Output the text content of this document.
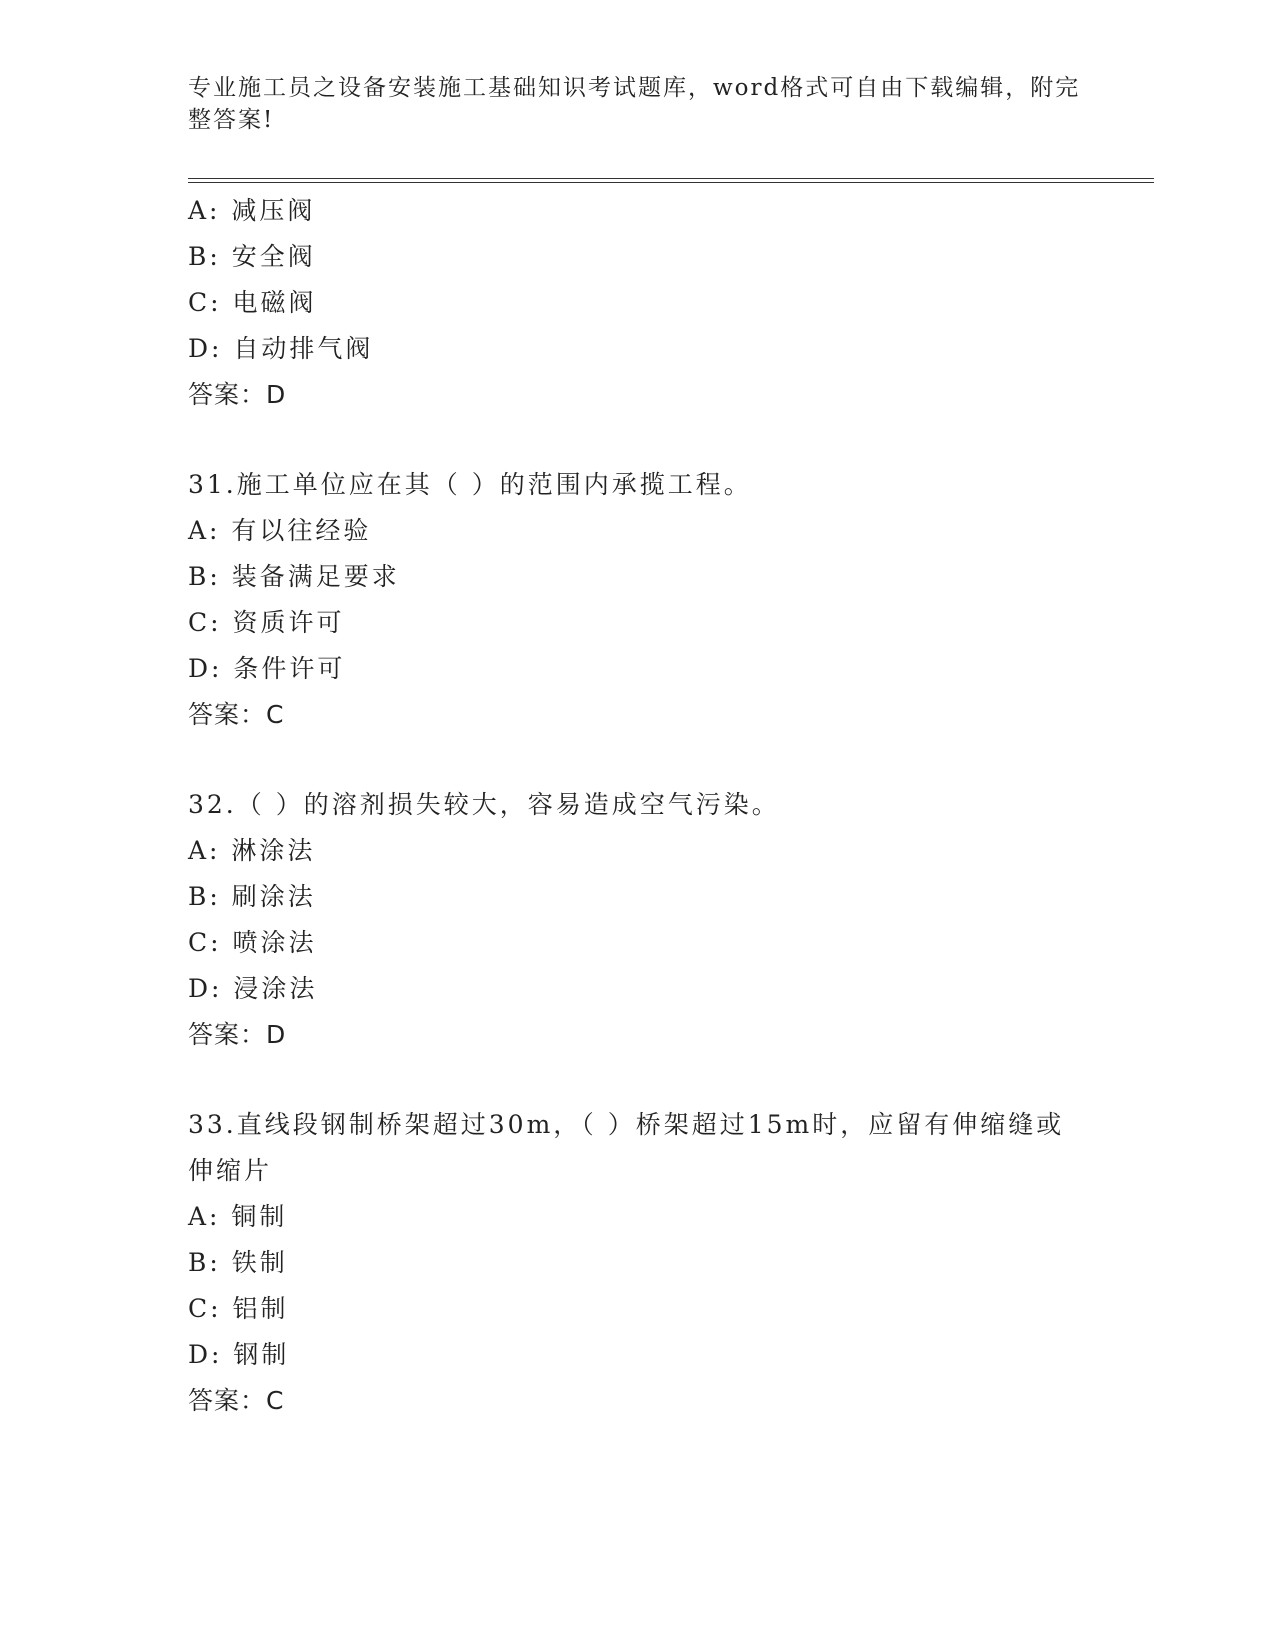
专业施工员之设备安装施工基础知识考试题库，word格式可自由下载编辑，附完整答案!
A: 减压阀
B: 安全阀
C: 电磁阀
D: 自动排气阀
答案：D
31.施工单位应在其（ ）的范围内承揽工程。
A: 有以往经验
B: 装备满足要求
C: 资质许可
D: 条件许可
答案：C
32.（ ）的溶剂损失较大，容易造成空气污染。
A: 淋涂法
B: 刷涂法
C: 喷涂法
D: 浸涂法
答案：D
33.直线段钢制桥架超过30m，（ ）桥架超过15m时，应留有伸缩缝或伸缩片
A: 铜制
B: 铁制
C: 铝制
D: 钢制
答案：C
